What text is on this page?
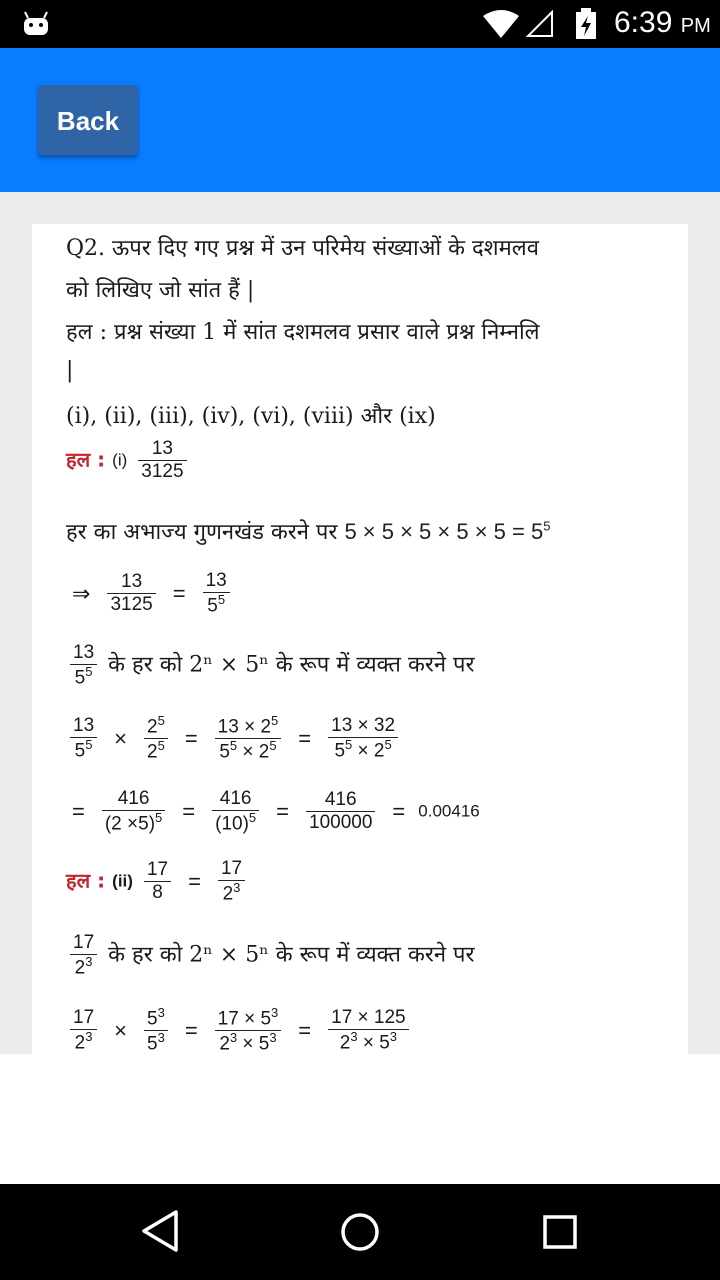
6:39 PM
Back
Q2. ऊपर दिए गए प्रश्न में उन परिमेय संख्याओं के दशमलव
को लिखिए जो सांत हैं |
हल : प्रश्न संख्या 1 में सांत दशमलव प्रसार वाले प्रश्न निम्नलि
|
(i), (ii), (iii), (iv), (vi), (viii) और (ix)
हल : $(i) \frac{13}{3125}$
हर का अभाज्य गुणनखंड करने पर $5 \times 5 \times 5 \times 5 \times 5 = 5^5$
⇒ $\frac{13}{3125} = \frac{13}{5^5}$
$\frac{13}{5^5}$ के हर को 2ⁿ × 5ⁿ के रूप में व्यक्त करने पर
$\frac{13}{5^5} \times \frac{2^5}{2^5} = \frac{13 \times 2^5}{5^5 \times 2^5} = \frac{13 \times 32}{5^5 \times 2^5}$
= $\frac{416}{(2 \times 5)^5} = \frac{416}{(10)^5} = \frac{416}{100000} = 0.00416$
हल : $(ii) \frac{17}{8} = \frac{17}{2^3}$
$\frac{17}{2^3}$ के हर को 2ⁿ × 5ⁿ के रूप में व्यक्त करने पर
$\frac{17}{2^3} \times \frac{5^3}{5^3} = \frac{17 \times 5^3}{2^3 \times 5^3} = \frac{17 \times 125}{2^3 \times 5^3}$
